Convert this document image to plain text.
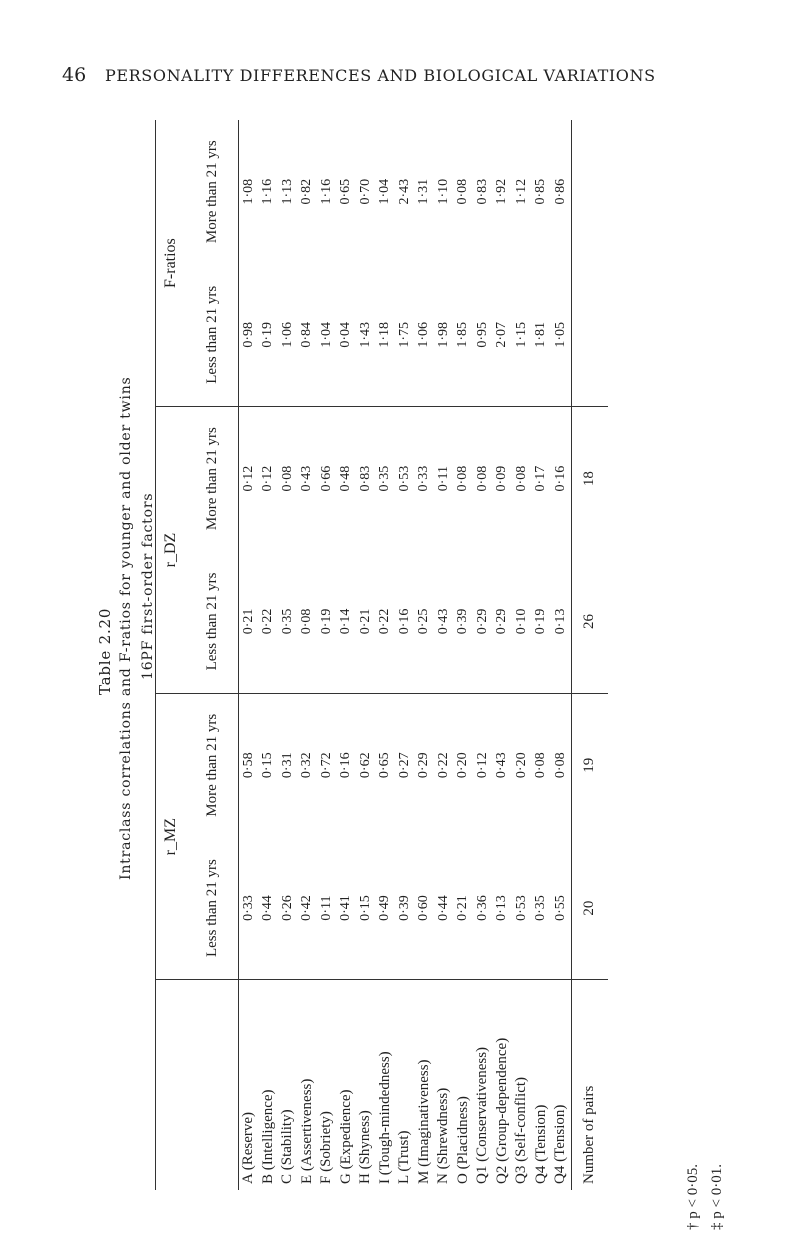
46 PERSONALITY DIFFERENCES AND BIOLOGICAL VARIATIONS
Table 2.20 Intraclass correlations and F-ratios for younger and older twins 16PF first-order factors
	r_MZ		r_DZ		F-ratios	
	Less than 21 yrs	More than 21 yrs	Less than 21 yrs	More than 21 yrs	Less than 21 yrs	More than 21 yrs
A (Reserve)	0·33	0·58	0·21	0·12	0·98	1·08
B (Intelligence)	0·44	0·15	0·22	0·12	0·19	1·16
C (Stability)	0·26	0·31	0·35	0·08	1·06	1·13
E (Assertiveness)	0·42	0·32	0·08	0·43	0·84	0·82
F (Sobriety)	0·11	0·72	0·19	0·66	1·04	1·16
G (Expedience)	0·41	0·16	0·14	0·48	0·04	0·65
H (Shyness)	0·15	0·62	0·21	0·83	1·43	0·70
I (Tough-mindedness)	0·49	0·65	0·22	0·35	1·18	1·04
L (Trust)	0·39	0·27	0·16	0·53	1·75	2·43
M (Imaginativeness)	0·60	0·29	0·25	0·33	1·06	1·31
N (Shrewdness)	0·44	0·22	0·43	0·11	1·98	1·10
O (Placidness)	0·21	0·20	0·39	0·08	1·85	0·08
Q1 (Conservativeness)	0·36	0·12	0·29	0·08	0·95	0·83
Q2 (Group-dependence)	0·13	0·43	0·29	0·09	2·07	1·92
Q3 (Self-conflict)	0·53	0·20	0·10	0·08	1·15	1·12
Q4 (Tension)	0·35	0·08	0·19	0·17	1·81	0·85
Q4 (Tension)	0·55	0·08	0·13	0·16	1·05	0·86
Number of pairs	20	19	26	18		
† p < 0·05. ‡ p < 0·01.
